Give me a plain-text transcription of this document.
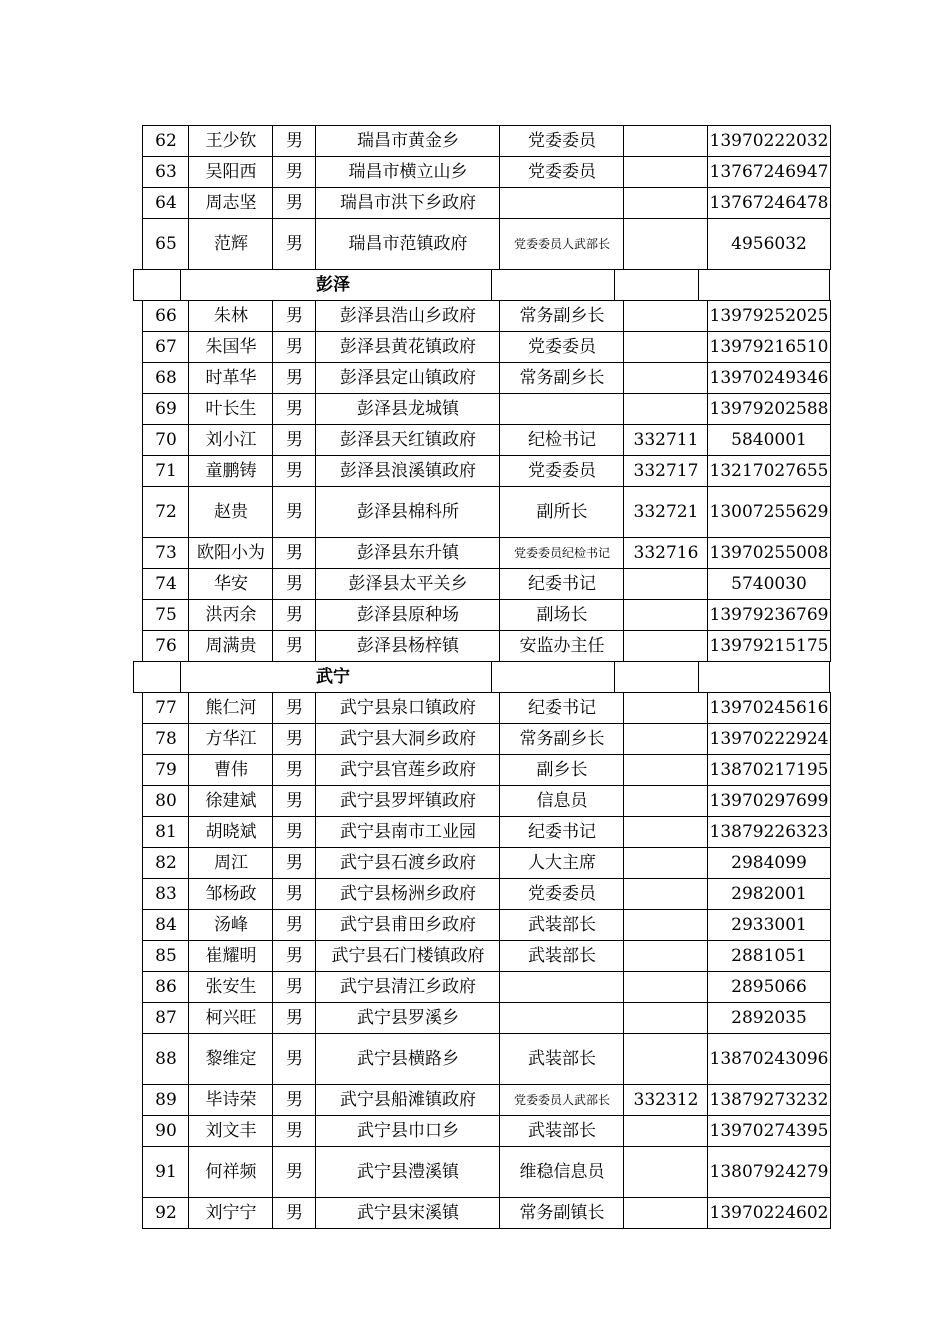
62	王少钦	男	瑞昌市黄金乡	党委委员	13970222032
63	吴阳西	男	瑞昌市横立山乡	党委委员	13767246947
64	周志坚	男	瑞昌市洪下乡政府	13767246478
65	范辉	男	瑞昌市范镇政府	党委委员人武部长	4956032
彭泽
66	朱林	男	彭泽县浩山乡政府	常务副乡长	13979252025
67	朱国华	男	彭泽县黄花镇政府	党委委员	13979216510
68	时革华	男	彭泽县定山镇政府	常务副乡长	13970249346
69	叶长生	男	彭泽县龙城镇	13979202588
70	刘小江	男	彭泽县天红镇政府	纪检书记	332711	5840001
71	童鹏铸	男	彭泽县浪溪镇政府	党委委员	332717 13217027655
72	赵贵	男	彭泽县棉科所	副所长	332721 13007255629
73	欧阳小为	男	彭泽县东升镇	党委委员纪检书记	332716 13970255008
74	华安	男	彭泽县太平关乡	纪委书记	5740030
75	洪丙余	男	彭泽县原种场	副场长	13979236769
76	周满贵	男	彭泽县杨梓镇	安监办主任	13979215175
武宁
77	熊仁河	男	武宁县泉口镇政府	纪委书记	13970245616
78	方华江	男	武宁县大洞乡政府	常务副乡长	13970222924
79	曹伟	男	武宁县官莲乡政府	副乡长	13870217195
80	徐建斌	男	武宁县罗坪镇政府	信息员	13970297699
81	胡晓斌	男	武宁县南市工业园	纪委书记	13879226323
82	周江	男	武宁县石渡乡政府	人大主席	2984099
83	邹杨政	男	武宁县杨洲乡政府	党委委员	2982001
84	汤峰	男	武宁县甫田乡政府	武装部长	2933001
85	崔耀明	男	武宁县石门楼镇政府	武装部长	2881051
86	张安生	男	武宁县清江乡政府	2895066
87	柯兴旺	男	武宁县罗溪乡	2892035
88	黎维定	男	武宁县横路乡	武装部长	13870243096
89	毕诗荣	男	武宁县船滩镇政府	党委委员人武部长	332312 13879273232
90	刘文丰	男	武宁县巾口乡	武装部长	13970274395
91	何祥频	男	武宁县澧溪镇	维稳信息员	13807924279
92	刘宁宁	男	武宁县宋溪镇	常务副镇长	13970224602
